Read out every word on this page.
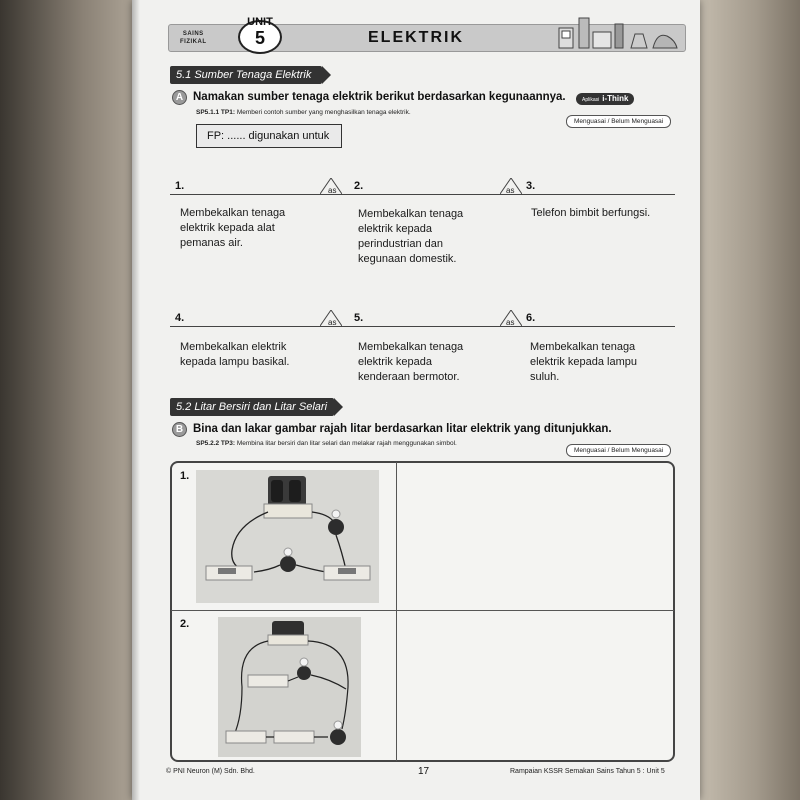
SAINS
FIZIKAL
UNIT
5	ELEKTRIK
5.1 Sumber Tenaga Elektrik
A Namakan sumber tenaga elektrik berikut berdasarkan kegunaannya.	Aplikasi i-Think
SP5.1.1 TP1: Memberi contoh sumber yang menghasilkan tenaga elektrik.
Menguasai / Belum Menguasai
FP: ...... digunakan untuk
as	as
1.	2.	3.
Membekalkan tenaga elektrik kepada alat pemanas air.
Membekalkan tenaga elektrik kepada perindustrian dan kegunaan domestik.
Telefon bimbit berfungsi.
as	as
4.	5.	6.
Membekalkan elektrik kepada lampu basikal.
Membekalkan tenaga elektrik kepada kenderaan bermotor.
Membekalkan tenaga elektrik kepada lampu suluh.
5.2 Litar Bersiri dan Litar Selari
B Bina dan lakar gambar rajah litar berdasarkan litar elektrik yang ditunjukkan.
SP5.2.2 TP3: Membina litar bersiri dan litar selari dan melakar rajah menggunakan simbol.
Menguasai / Belum Menguasai
1.
2.
© PNI Neuron (M) Sdn. Bhd.	17	Rampaian KSSR Semakan Sains Tahun 5 : Unit 5
